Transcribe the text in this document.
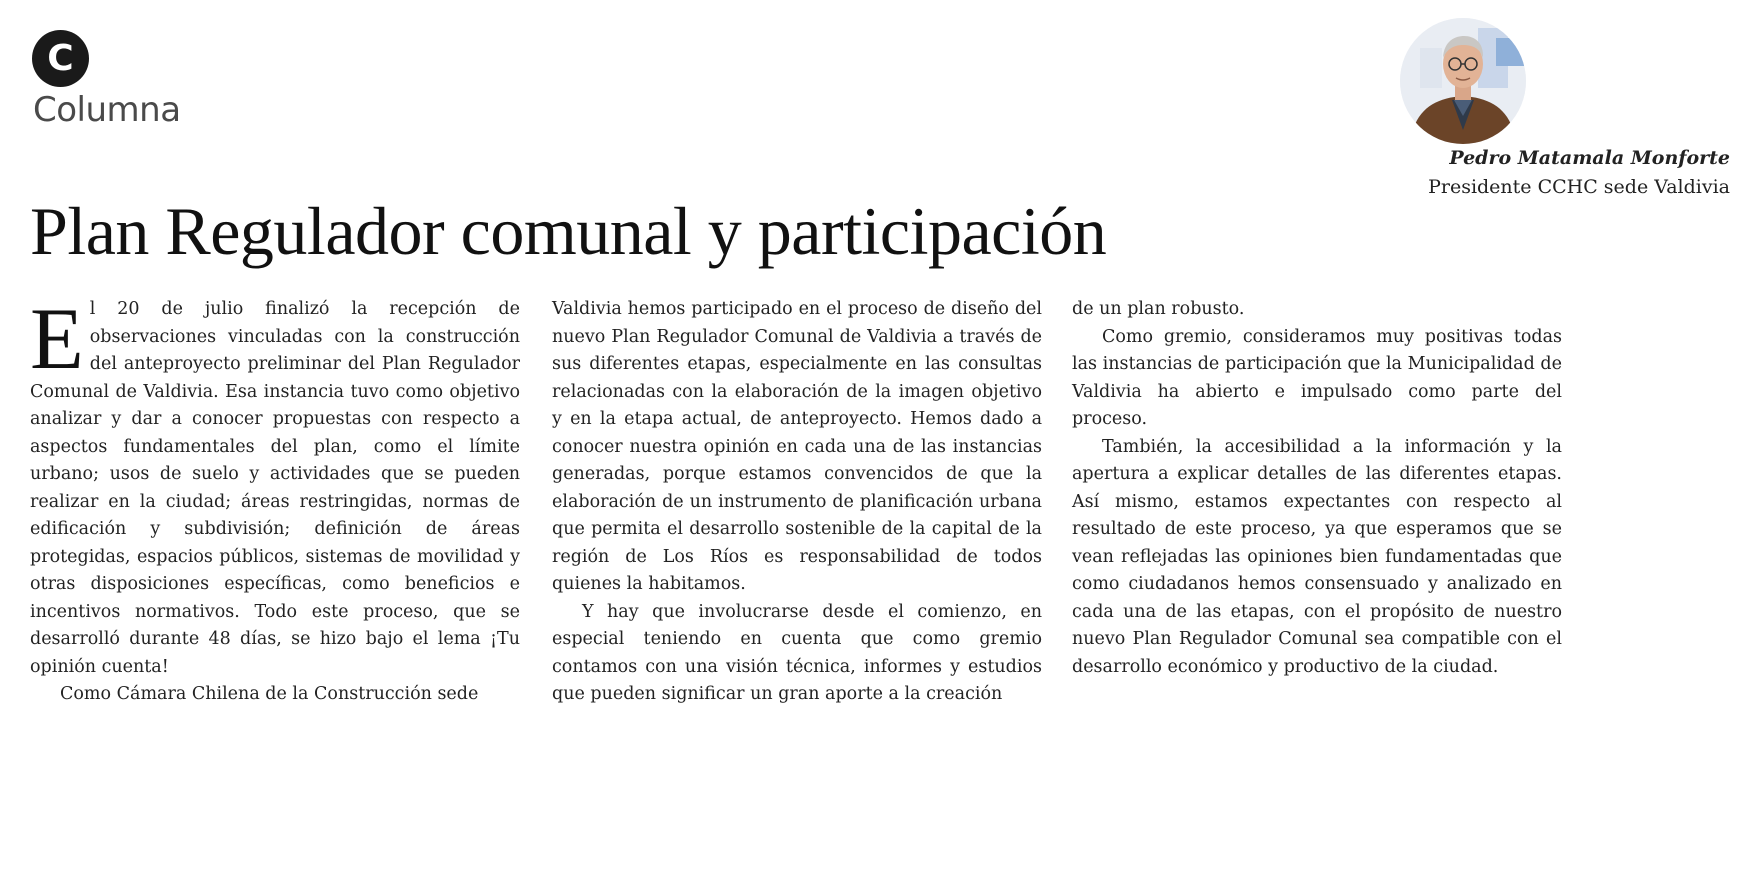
C
Columna
Pedro Matamala Monforte
Presidente CCHC sede Valdivia
Plan Regulador comunal y participación

El 20 de julio finalizó la recepción de observaciones vinculadas con la construcción del anteproyecto preliminar del Plan Regulador Comunal de Valdivia. Esa instancia tuvo como objetivo analizar y dar a conocer propuestas con respecto a aspectos fundamentales del plan, como el límite urbano; usos de suelo y actividades que se pueden realizar en la ciudad; áreas restringidas, normas de edificación y subdivisión; definición de áreas protegidas, espacios públicos, sistemas de movilidad y otras disposiciones específicas, como beneficios e incentivos normativos. Todo este proceso, que se desarrolló durante 48 días, se hizo bajo el lema ¡Tu opinión cuenta!

Como Cámara Chilena de la Construcción sede

Valdivia hemos participado en el proceso de diseño del nuevo Plan Regulador Comunal de Valdivia a través de sus diferentes etapas, especialmente en las consultas relacionadas con la elaboración de la imagen objetivo y en la etapa actual, de anteproyecto. Hemos dado a conocer nuestra opinión en cada una de las instancias generadas, porque estamos convencidos de que la elaboración de un instrumento de planificación urbana que permita el desarrollo sostenible de la capital de la región de Los Ríos es responsabilidad de todos quienes la habitamos.

Y hay que involucrarse desde el comienzo, en especial teniendo en cuenta que como gremio contamos con una visión técnica, informes y estudios que pueden significar un gran aporte a la creación

de un plan robusto.

Como gremio, consideramos muy positivas todas las instancias de participación que la Municipalidad de Valdivia ha abierto e impulsado como parte del proceso.

También, la accesibilidad a la información y la apertura a explicar detalles de las diferentes etapas. Así mismo, estamos expectantes con respecto al resultado de este proceso, ya que esperamos que se vean reflejadas las opiniones bien fundamentadas que como ciudadanos hemos consensuado y analizado en cada una de las etapas, con el propósito de nuestro nuevo Plan Regulador Comunal sea compatible con el desarrollo económico y productivo de la ciudad.
